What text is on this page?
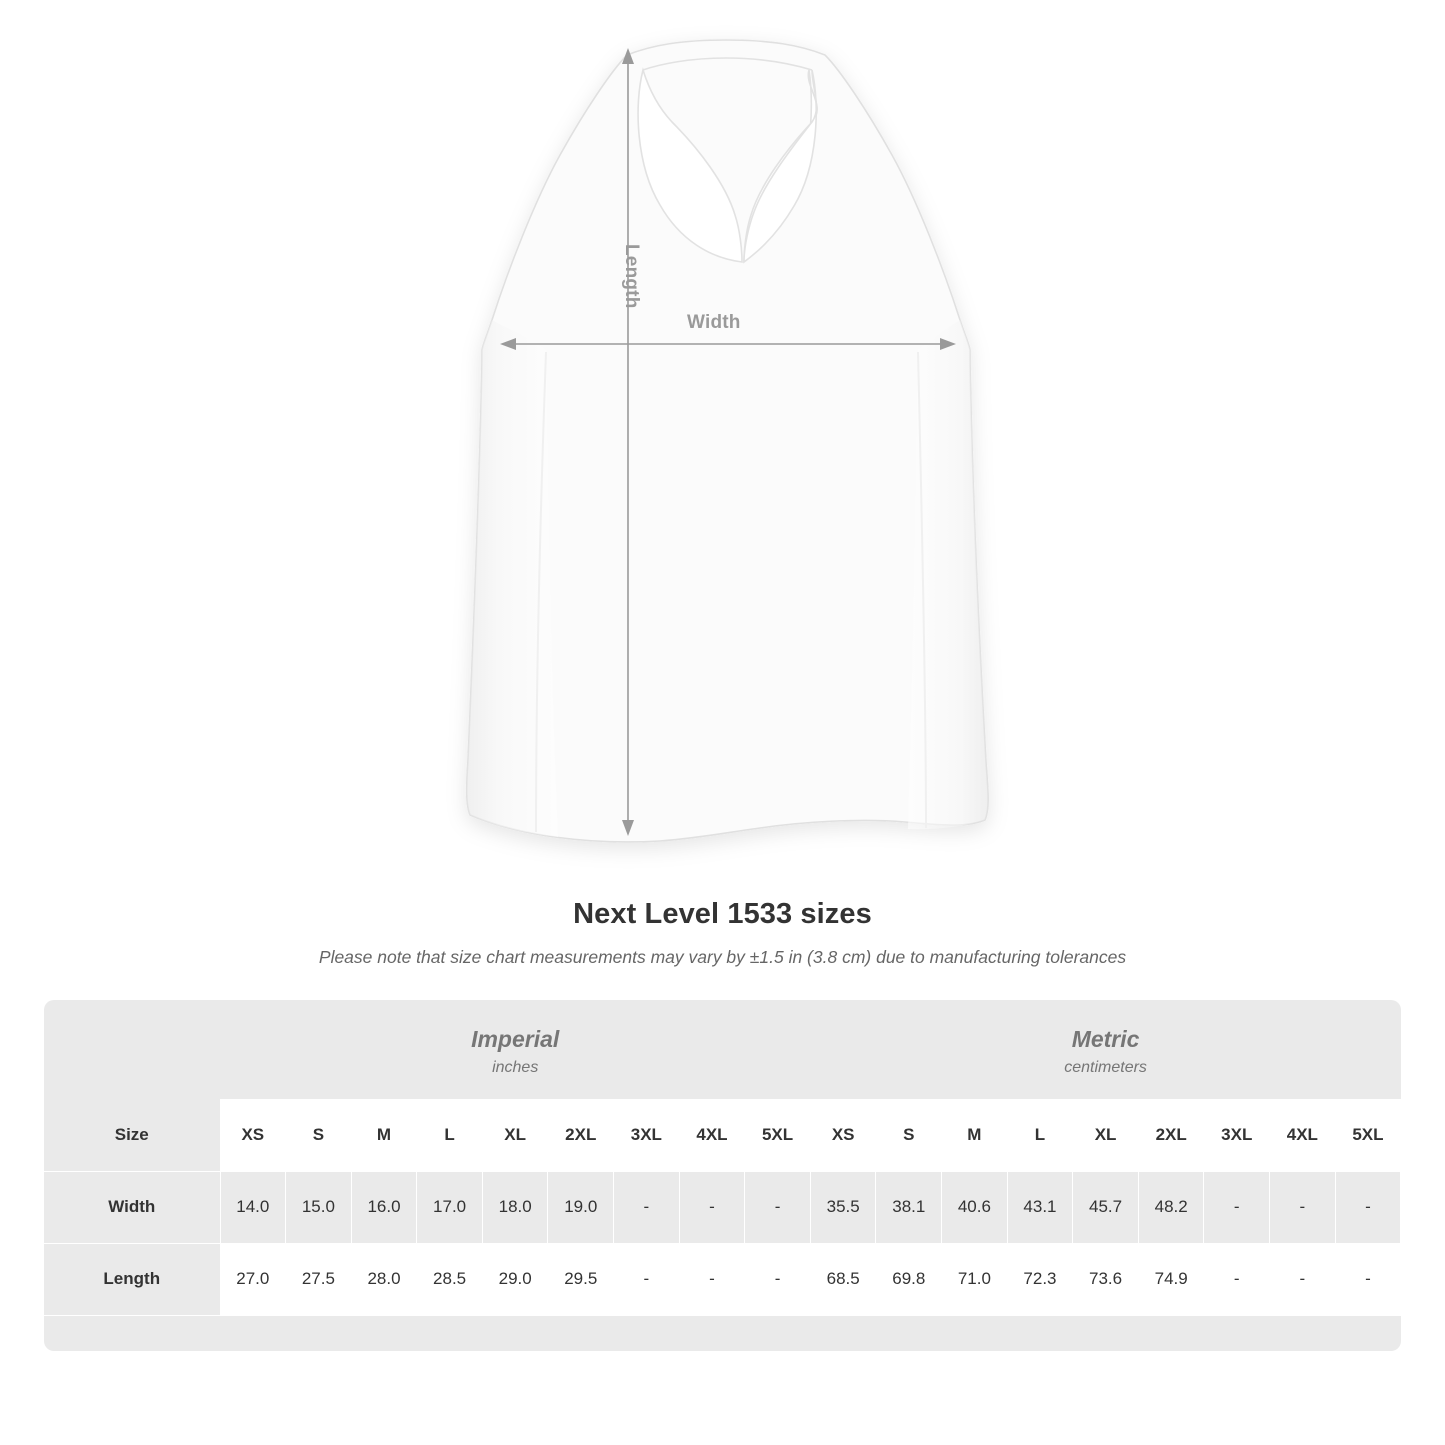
Width
Length
Next Level 1533 sizes
Please note that size chart measurements may vary by ±1.5 in (3.8 cm) due to manufacturing tolerances

Imperial
inches

Metric
centimeters

Size	XS	S	M	L	XL	2XL	3XL	4XL	5XL	XS	S	M	L	XL	2XL	3XL	4XL	5XL
Width	14.0	15.0	16.0	17.0	18.0	19.0	-	-	-	35.5	38.1	40.6	43.1	45.7	48.2	-	-	-
Length	27.0	27.5	28.0	28.5	29.0	29.5	-	-	-	68.5	69.8	71.0	72.3	73.6	74.9	-	-	-
